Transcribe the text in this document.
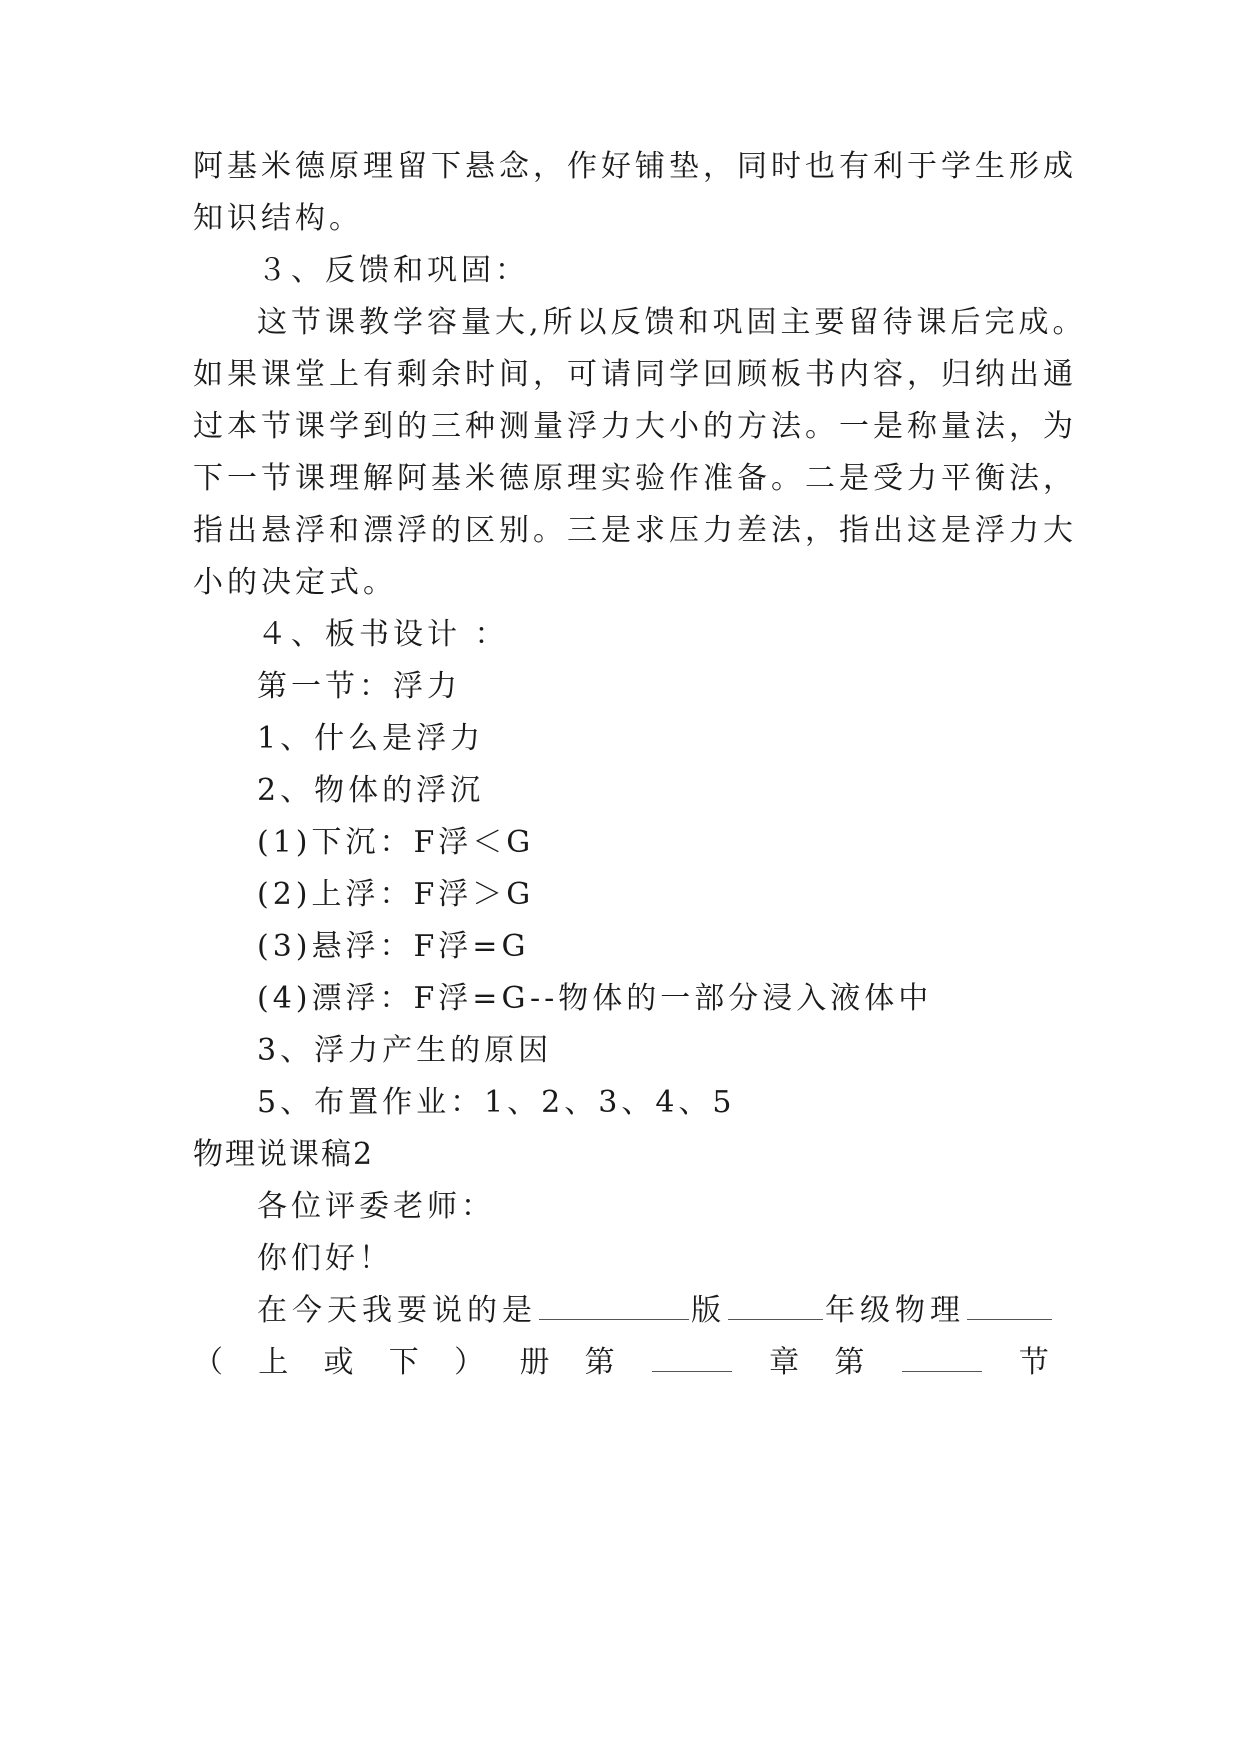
阿基米德原理留下悬念，作好铺垫，同时也有利于学生形成
知识结构。
３、反馈和巩固：
这节课教学容量大,所以反馈和巩固主要留待课后完成。
如果课堂上有剩余时间，可请同学回顾板书内容，归纳出通
过本节课学到的三种测量浮力大小的方法。一是称量法，为
下一节课理解阿基米德原理实验作准备。二是受力平衡法，
指出悬浮和漂浮的区别。三是求压力差法，指出这是浮力大
小的决定式。
４、板书设计 ：
第一节：浮力
1、什么是浮力
2、物体的浮沉
(1)下沉：F浮＜G
(2)上浮：F浮＞G
(3)悬浮：F浮=G
(4)漂浮：F浮=G--物体的一部分浸入液体中
3、浮力产生的原因
5、布置作业：1、2、3、4、5
物理说课稿2
各位评委老师：
你们好！
在今天我要说的是	版	年级物理
（ 上 或 下 ） 册 第	章 第	节
